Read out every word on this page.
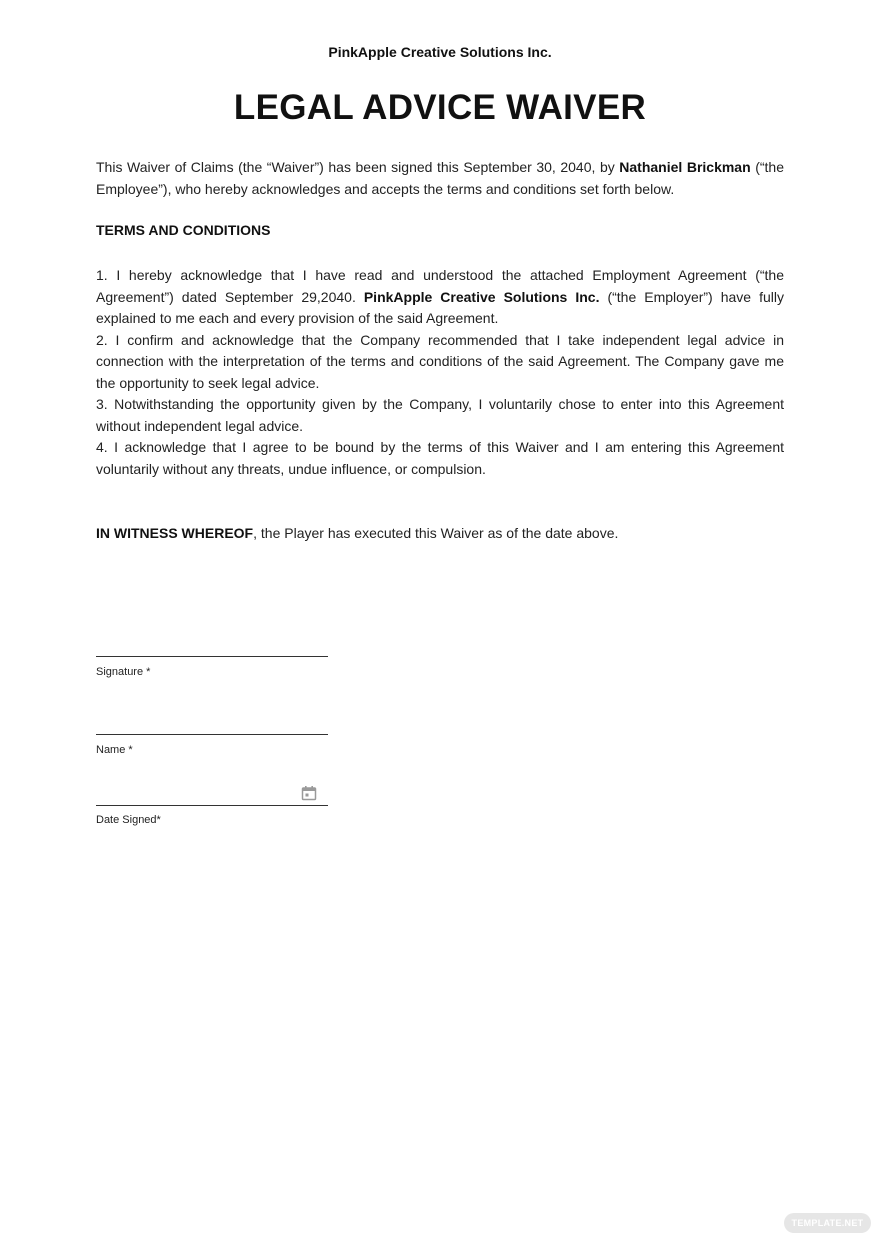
PinkApple Creative Solutions Inc.
LEGAL ADVICE WAIVER
This Waiver of Claims (the “Waiver”) has been signed this September 30, 2040, by Nathaniel Brickman (“the Employee”), who hereby acknowledges and accepts the terms and conditions set forth below.
TERMS AND CONDITIONS

1. I hereby acknowledge that I have read and understood the attached Employment Agreement (“the Agreement”) dated September 29,2040. PinkApple Creative Solutions Inc. (“the Employer”) have fully explained to me each and every provision of the said Agreement.

2. I confirm and acknowledge that the Company recommended that I take independent legal advice in connection with the interpretation of the terms and conditions of the said Agreement. The Company gave me the opportunity to seek legal advice.

3. Notwithstanding the opportunity given by the Company, I voluntarily chose to enter into this Agreement without independent legal advice.

4. I acknowledge that I agree to be bound by the terms of this Waiver and I am entering this Agreement voluntarily without any threats, undue influence, or compulsion.

IN WITNESS WHEREOF, the Player has executed this Waiver as of the date above.
Signature *
Name *
Date Signed*
TEMPLATE.NET
